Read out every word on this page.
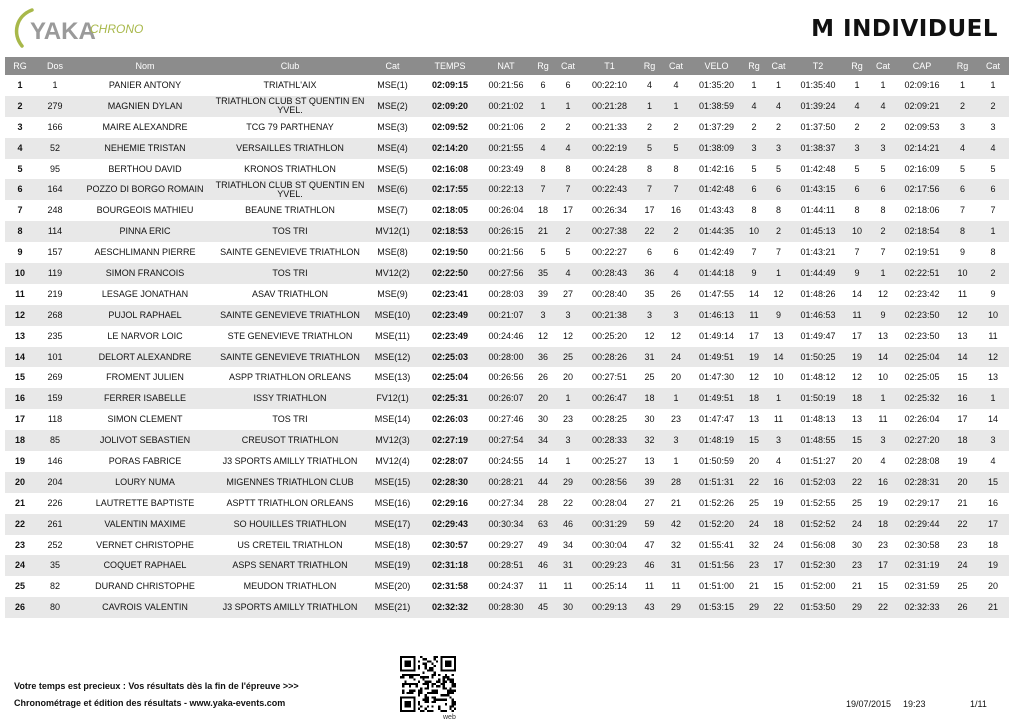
YAKA
CHRONO	M INDIVIDUEL
RG	Dos	Nom	Club	Cat	TEMPS	NAT	Rg	Cat	T1	Rg	Cat	VELO	Rg	Cat	T2	Rg	Cat	CAP	Rg	Cat
1	1	PANIER ANTONY	TRIATHL'AIX	MSE(1)	02:09:15	00:21:56	6	6	00:22:10	4	4	01:35:20	1	1	01:35:40	1	1	02:09:16	1	1
2	279	MAGNIEN DYLAN	TRIATHLON CLUB ST QUENTIN EN YVEL.	MSE(2)	02:09:20	00:21:02	1	1	00:21:28	1	1	01:38:59	4	4	01:39:24	4	4	02:09:21	2	2
3	166	MAIRE ALEXANDRE	TCG 79 PARTHENAY	MSE(3)	02:09:52	00:21:06	2	2	00:21:33	2	2	01:37:29	2	2	01:37:50	2	2	02:09:53	3	3
4	52	NEHEMIE TRISTAN	VERSAILLES TRIATHLON	MSE(4)	02:14:20	00:21:55	4	4	00:22:19	5	5	01:38:09	3	3	01:38:37	3	3	02:14:21	4	4
5	95	BERTHOU DAVID	KRONOS TRIATHLON	MSE(5)	02:16:08	00:23:49	8	8	00:24:28	8	8	01:42:16	5	5	01:42:48	5	5	02:16:09	5	5
6	164	POZZO DI BORGO ROMAIN	TRIATHLON CLUB ST QUENTIN EN YVEL.	MSE(6)	02:17:55	00:22:13	7	7	00:22:43	7	7	01:42:48	6	6	01:43:15	6	6	02:17:56	6	6
7	248	BOURGEOIS MATHIEU	BEAUNE TRIATHLON	MSE(7)	02:18:05	00:26:04	18	17	00:26:34	17	16	01:43:43	8	8	01:44:11	8	8	02:18:06	7	7
8	114	PINNA ERIC	TOS TRI	MV12(1)	02:18:53	00:26:15	21	2	00:27:38	22	2	01:44:35	10	2	01:45:13	10	2	02:18:54	8	1
9	157	AESCHLIMANN PIERRE	SAINTE GENEVIEVE TRIATHLON	MSE(8)	02:19:50	00:21:56	5	5	00:22:27	6	6	01:42:49	7	7	01:43:21	7	7	02:19:51	9	8
10	119	SIMON FRANCOIS	TOS TRI	MV12(2)	02:22:50	00:27:56	35	4	00:28:43	36	4	01:44:18	9	1	01:44:49	9	1	02:22:51	10	2
11	219	LESAGE JONATHAN	ASAV TRIATHLON	MSE(9)	02:23:41	00:28:03	39	27	00:28:40	35	26	01:47:55	14	12	01:48:26	14	12	02:23:42	11	9
12	268	PUJOL RAPHAEL	SAINTE GENEVIEVE TRIATHLON	MSE(10)	02:23:49	00:21:07	3	3	00:21:38	3	3	01:46:13	11	9	01:46:53	11	9	02:23:50	12	10
13	235	LE NARVOR LOIC	STE GENEVIEVE TRIATHLON	MSE(11)	02:23:49	00:24:46	12	12	00:25:20	12	12	01:49:14	17	13	01:49:47	17	13	02:23:50	13	11
14	101	DELORT ALEXANDRE	SAINTE GENEVIEVE TRIATHLON	MSE(12)	02:25:03	00:28:00	36	25	00:28:26	31	24	01:49:51	19	14	01:50:25	19	14	02:25:04	14	12
15	269	FROMENT JULIEN	ASPP TRIATHLON ORLEANS	MSE(13)	02:25:04	00:26:56	26	20	00:27:51	25	20	01:47:30	12	10	01:48:12	12	10	02:25:05	15	13
16	159	FERRER ISABELLE	ISSY TRIATHLON	FV12(1)	02:25:31	00:26:07	20	1	00:26:47	18	1	01:49:51	18	1	01:50:19	18	1	02:25:32	16	1
17	118	SIMON CLEMENT	TOS TRI	MSE(14)	02:26:03	00:27:46	30	23	00:28:25	30	23	01:47:47	13	11	01:48:13	13	11	02:26:04	17	14
18	85	JOLIVOT SEBASTIEN	CREUSOT TRIATHLON	MV12(3)	02:27:19	00:27:54	34	3	00:28:33	32	3	01:48:19	15	3	01:48:55	15	3	02:27:20	18	3
19	146	PORAS FABRICE	J3 SPORTS AMILLY TRIATHLON	MV12(4)	02:28:07	00:24:55	14	1	00:25:27	13	1	01:50:59	20	4	01:51:27	20	4	02:28:08	19	4
20	204	LOURY NUMA	MIGENNES TRIATHLON CLUB	MSE(15)	02:28:30	00:28:21	44	29	00:28:56	39	28	01:51:31	22	16	01:52:03	22	16	02:28:31	20	15
21	226	LAUTRETTE BAPTISTE	ASPTT TRIATHLON ORLEANS	MSE(16)	02:29:16	00:27:34	28	22	00:28:04	27	21	01:52:26	25	19	01:52:55	25	19	02:29:17	21	16
22	261	VALENTIN MAXIME	SO HOUILLES TRIATHLON	MSE(17)	02:29:43	00:30:34	63	46	00:31:29	59	42	01:52:20	24	18	01:52:52	24	18	02:29:44	22	17
23	252	VERNET CHRISTOPHE	US CRETEIL TRIATHLON	MSE(18)	02:30:57	00:29:27	49	34	00:30:04	47	32	01:55:41	32	24	01:56:08	30	23	02:30:58	23	18
24	35	COQUET RAPHAEL	ASPS SENART TRIATHLON	MSE(19)	02:31:18	00:28:51	46	31	00:29:23	46	31	01:51:56	23	17	01:52:30	23	17	02:31:19	24	19
25	82	DURAND CHRISTOPHE	MEUDON TRIATHLON	MSE(20)	02:31:58	00:24:37	11	11	00:25:14	11	11	01:51:00	21	15	01:52:00	21	15	02:31:59	25	20
26	80	CAVROIS VALENTIN	J3 SPORTS AMILLY TRIATHLON	MSE(21)	02:32:32	00:28:30	45	30	00:29:13	43	29	01:53:15	29	22	01:53:50	29	22	02:32:33	26	21
Votre temps est precieux : Vos résultats dès la fin de l'épreuve >>>
Chronométrage et édition des résultats - www.yaka-events.com
web
19/07/2015 19:23	1/11
